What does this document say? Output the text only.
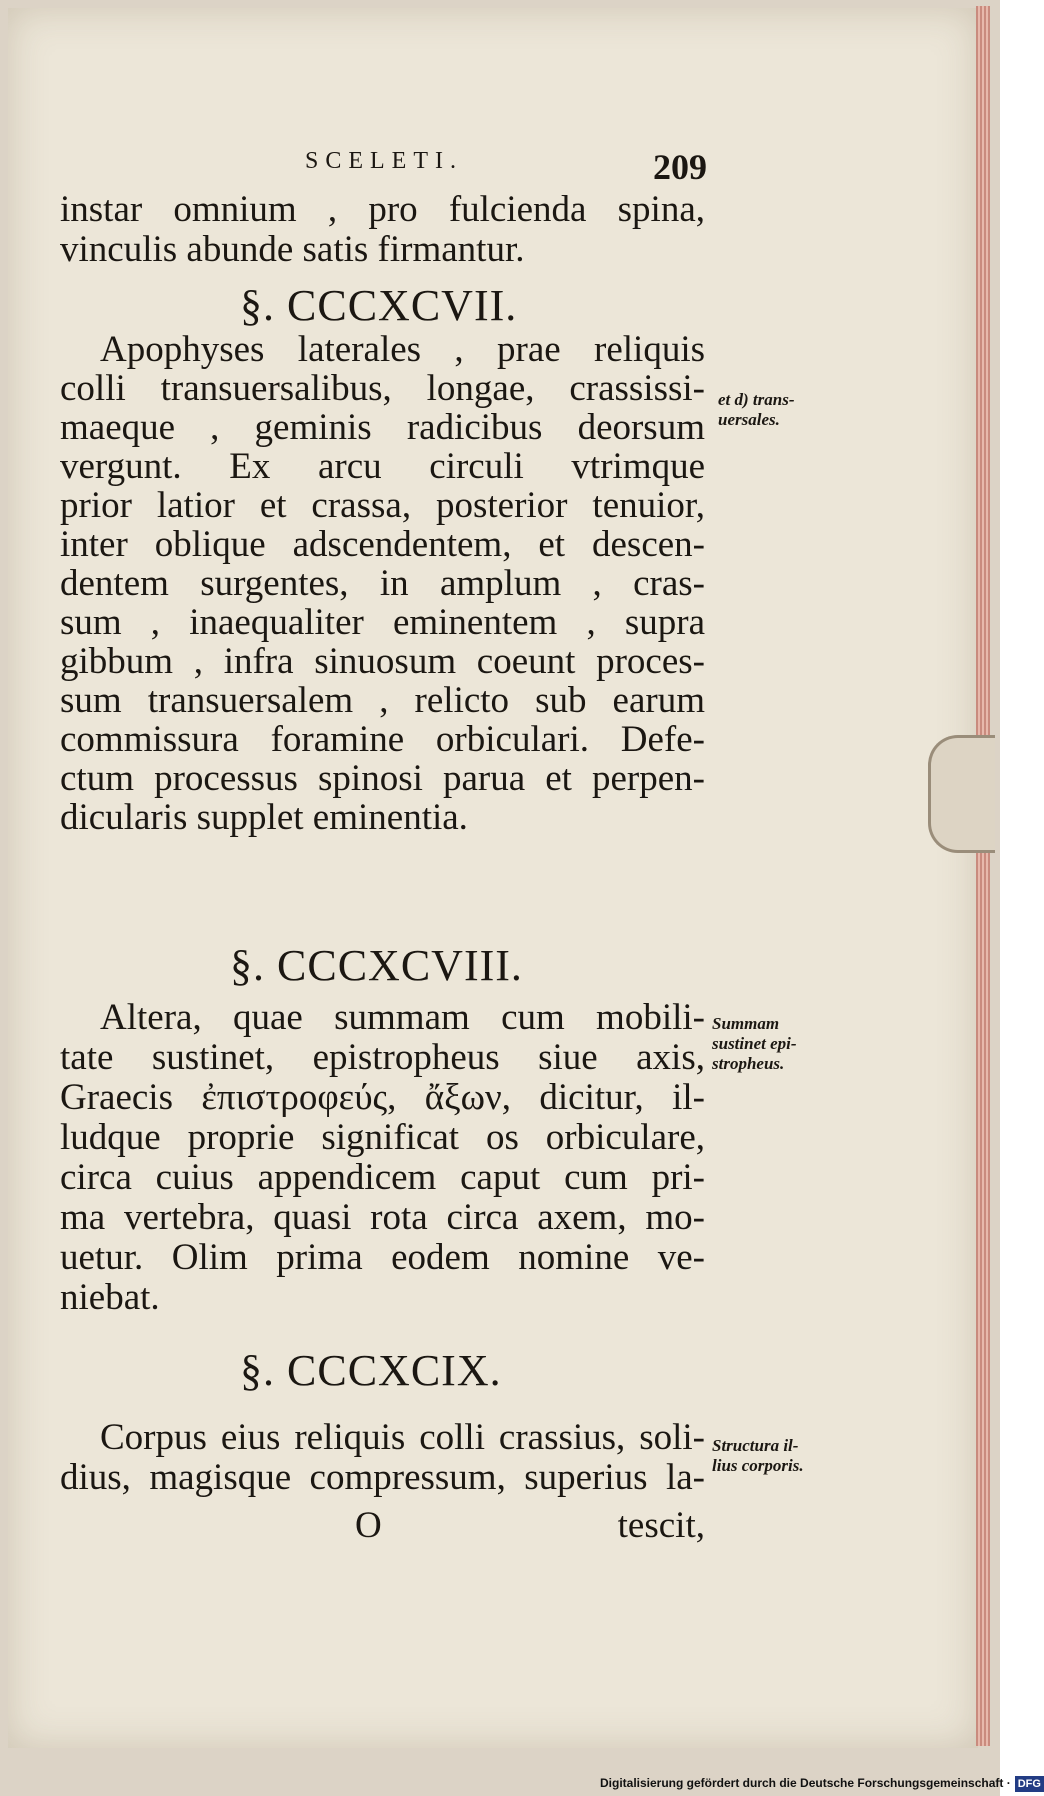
SCELETI.	209
instar omnium , pro fulcienda spina,
vinculis abunde satis firmantur.
§. CCCXCVII.
Apophyses laterales , prae reliquis
colli transuersalibus, longae, crassissi-
maeque , geminis radicibus deorsum
vergunt. Ex arcu circuli vtrimque
prior latior et crassa, posterior tenuior,
inter oblique adscendentem, et descen-
dentem surgentes, in amplum , cras-
sum , inaequaliter eminentem , supra
gibbum , infra sinuosum coeunt proces-
sum transuersalem , relicto sub earum
commissura foramine orbiculari. Defe-
ctum processus spinosi parua et perpen-
dicularis supplet eminentia.
et d) trans-
uersales.
§. CCCXCVIII.
Altera, quae summam cum mobili-
tate sustinet, epistropheus siue axis,
Graecis ἐπιστροφεύς, ἄξων, dicitur, il-
ludque proprie significat os orbiculare,
circa cuius appendicem caput cum pri-
ma vertebra, quasi rota circa axem, mo-
uetur. Olim prima eodem nomine ve-
niebat.
Summam
sustinet epi-
stropheus.
§. CCCXCIX.
Corpus eius reliquis colli crassius, soli-
dius, magisque compressum, superius la-
Structura il-
lius corporis.
O	tescit,
Digitalisierung gefördert durch die Deutsche Forschungsgemeinschaft · DFG
